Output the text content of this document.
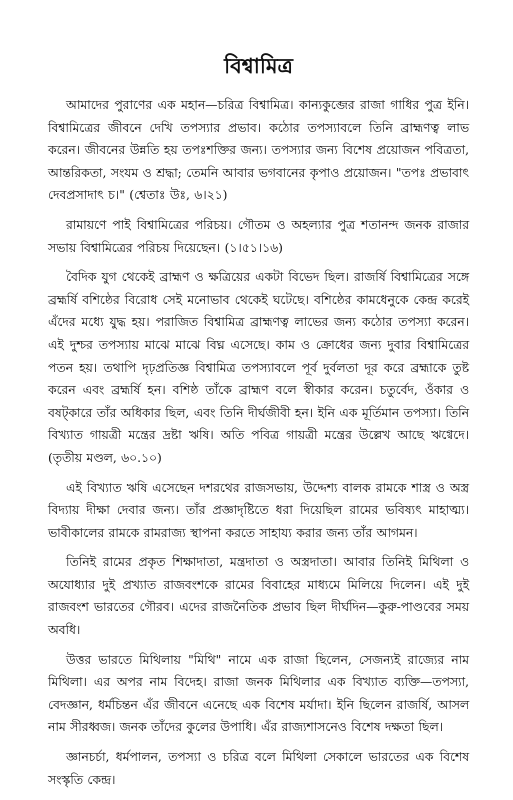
বিশ্বামিত্র

আমাদের পুরাণের এক মহান—চরিত্র বিশ্বামিত্র। কান্যকুব্জের রাজা গাধির পুত্র ইনি। বিশ্বামিত্রের জীবনে দেখি তপস্যার প্রভাব। কঠোর তপস্যাবলে তিনি ব্রাহ্মণত্ব লাভ করেন। জীবনের উন্নতি হয় তপঃশক্তির জন্য। তপস্যার জন্য বিশেষ প্রয়োজন পবিত্রতা, আন্তরিকতা, সংযম ও শ্রদ্ধা; তেমনি আবার ভগবানের কৃপাও প্রয়োজন। "তপঃ প্রভাবাৎ দেবপ্রসাদাৎ চ।" (শ্বেতাঃ উঃ, ৬।২১)

রামায়ণে পাই বিশ্বামিত্রের পরিচয়। গৌতম ও অহল্যার পুত্র শতানন্দ জনক রাজার সভায় বিশ্বামিত্রের পরিচয় দিয়েছেন। (১।৫১।১৬)

বৈদিক যুগ থেকেই ব্রাহ্মণ ও ক্ষত্রিয়ের একটা বিভেদ ছিল। রাজর্ষি বিশ্বামিত্রের সঙ্গে ব্রহ্মর্ষি বশিষ্ঠের বিরোধ সেই মনোভাব থেকেই ঘটেছে। বশিষ্ঠের কামধেনুকে কেন্দ্র করেই এঁদের মধ্যে যুদ্ধ হয়। পরাজিত বিশ্বামিত্র ব্রাহ্মণত্ব লাভের জন্য কঠোর তপস্যা করেন। এই দুশ্চর তপস্যায় মাঝে মাঝে বিঘ্ন এসেছে। কাম ও ক্রোধের জন্য দুবার বিশ্বামিত্রের পতন হয়। তথাপি দৃঢ়প্রতিজ্ঞ বিশ্বামিত্র তপস্যাবলে পূর্ব দুর্বলতা দূর করে ব্রহ্মাকে তুষ্ট করেন এবং ব্রহ্মর্ষি হন। বশিষ্ঠ তাঁকে ব্রাহ্মণ বলে স্বীকার করেন। চতুর্বেদ, ওঁকার ও বষট্কারে তাঁর অধিকার ছিল, এবং তিনি দীর্ঘজীবী হন। ইনি এক মূর্তিমান তপস্যা। তিনি বিখ্যাত গায়ত্রী মন্ত্রের দ্রষ্টা ঋষি। অতি পবিত্র গায়ত্রী মন্ত্রের উল্লেখ আছে ঋগ্বেদে। (তৃতীয় মণ্ডল, ৬০.১০)

এই বিখ্যাত ঋষি এসেছেন দশরথের রাজসভায়, উদ্দেশ্য বালক রামকে শাস্ত্র ও অস্ত্র বিদ্যায় দীক্ষা দেবার জন্য। তাঁর প্রজ্ঞাদৃষ্টিতে ধরা দিয়েছিল রামের ভবিষ্যৎ মাহাত্ম্য। ভাবীকালের রামকে রামরাজ্য স্থাপনা করতে সাহায্য করার জন্য তাঁর আগমন।

তিনিই রামের প্রকৃত শিক্ষাদাতা, মন্ত্রদাতা ও অস্ত্রদাতা। আবার তিনিই মিথিলা ও অযোধ্যার দুই প্রখ্যাত রাজবংশকে রামের বিবাহের মাধ্যমে মিলিয়ে দিলেন। এই দুই রাজবংশ ভারতের গৌরব। এদের রাজনৈতিক প্রভাব ছিল দীর্ঘদিন—কুরু-পাণ্ডবের সময় অবধি।

উত্তর ভারতে মিথিলায় "মিথি" নামে এক রাজা ছিলেন, সেজন্যই রাজ্যের নাম মিথিলা। এর অপর নাম বিদেহ। রাজা জনক মিথিলার এক বিখ্যাত ব্যক্তি—তপস্যা, বেদজ্ঞান, ধর্মচিন্তন এঁর জীবনে এনেছে এক বিশেষ মর্যাদা। ইনি ছিলেন রাজর্ষি, আসল নাম সীরধ্বজ। জনক তাঁদের কুলের উপাধি। এঁর রাজ্যশাসনেও বিশেষ দক্ষতা ছিল।

জ্ঞানচর্চা, ধর্মপালন, তপস্যা ও চরিত্র বলে মিথিলা সেকালে ভারতের এক বিশেষ সংস্কৃতি কেন্দ্র।
